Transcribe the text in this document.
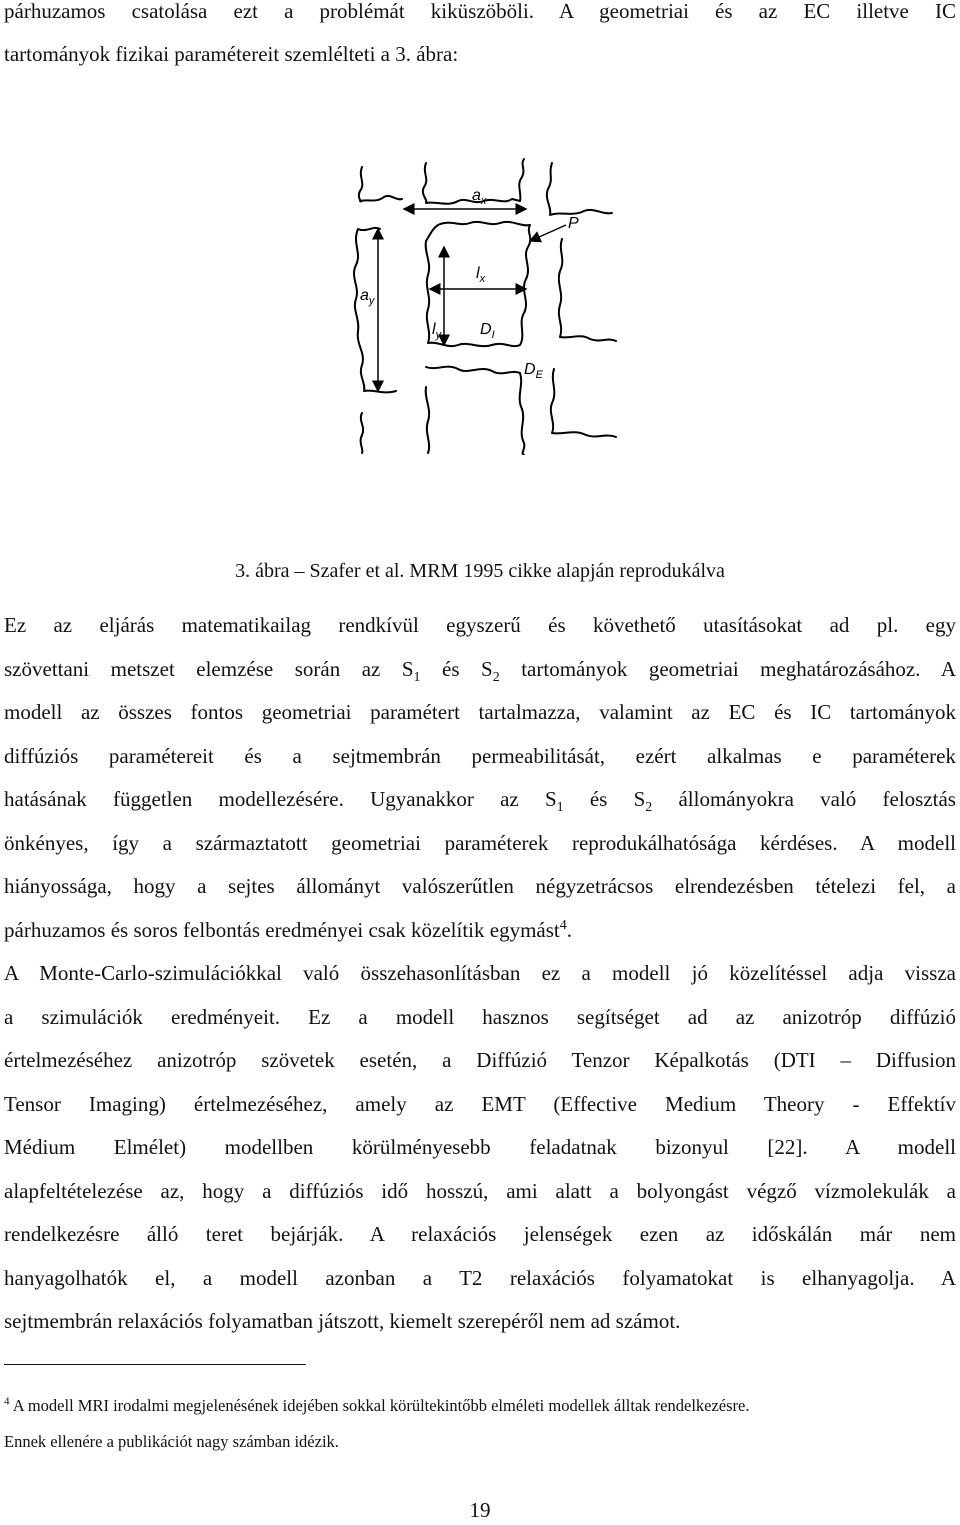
párhuzamos csatolása ezt a problémát kiküszöböli. A geometriai és az EC illetve IC
tartományok fizikai paramétereit szemlélteti a 3. ábra:
$a_x$
P
$a_y$
$l_x$
$l_y$ $D_I$
$D_E$
3. ábra – Szafer et al. MRM 1995 cikke alapján reprodukálva
Ez az eljárás matematikailag rendkívül egyszerű és követhető utasításokat ad pl. egy
szövettani metszet elemzése során az $S_1$ és $S_2$ tartományok geometriai meghatározásához. A
modell az összes fontos geometriai paramétert tartalmazza, valamint az EC és IC tartományok
diffúziós paramétereit és a sejtmembrán permeabilitását, ezért alkalmas e paraméterek
hatásának független modellezésére. Ugyanakkor az $S_1$ és $S_2$ állományokra való felosztás
önkényes, így a származtatott geometriai paraméterek reprodukálhatósága kérdéses. A modell
hiányossága, hogy a sejtes állományt valószerűtlen négyzetrácsos elrendezésben tételezi fel, a
párhuzamos és soros felbontás eredményei csak közelítik egymást$^4$.
A Monte-Carlo-szimulációkkal való összehasonlításban ez a modell jó közelítéssel adja vissza
a szimulációk eredményeit. Ez a modell hasznos segítséget ad az anizotróp diffúzió
értelmezéséhez anizotróp szövetek esetén, a Diffúzió Tenzor Képalkotás (DTI – Diffusion
Tensor Imaging) értelmezéséhez, amely az EMT (Effective Medium Theory - Effektív
Médium Elmélet) modellben körülményesebb feladatnak bizonyul [22]. A modell
alapfeltételezése az, hogy a diffúziós idő hosszú, ami alatt a bolyongást végző vízmolekulák a
rendelkezésre álló teret bejárják. A relaxációs jelenségek ezen az időskálán már nem
hanyagolhatók el, a modell azonban a T2 relaxációs folyamatokat is elhanyagolja. A
sejtmembrán relaxációs folyamatban játszott, kiemelt szerepéről nem ad számot.
$^4$ A modell MRI irodalmi megjelenésének idejében sokkal körültekintőbb elméleti modellek álltak rendelkezésre.
Ennek ellenére a publikációt nagy számban idézik.
19
